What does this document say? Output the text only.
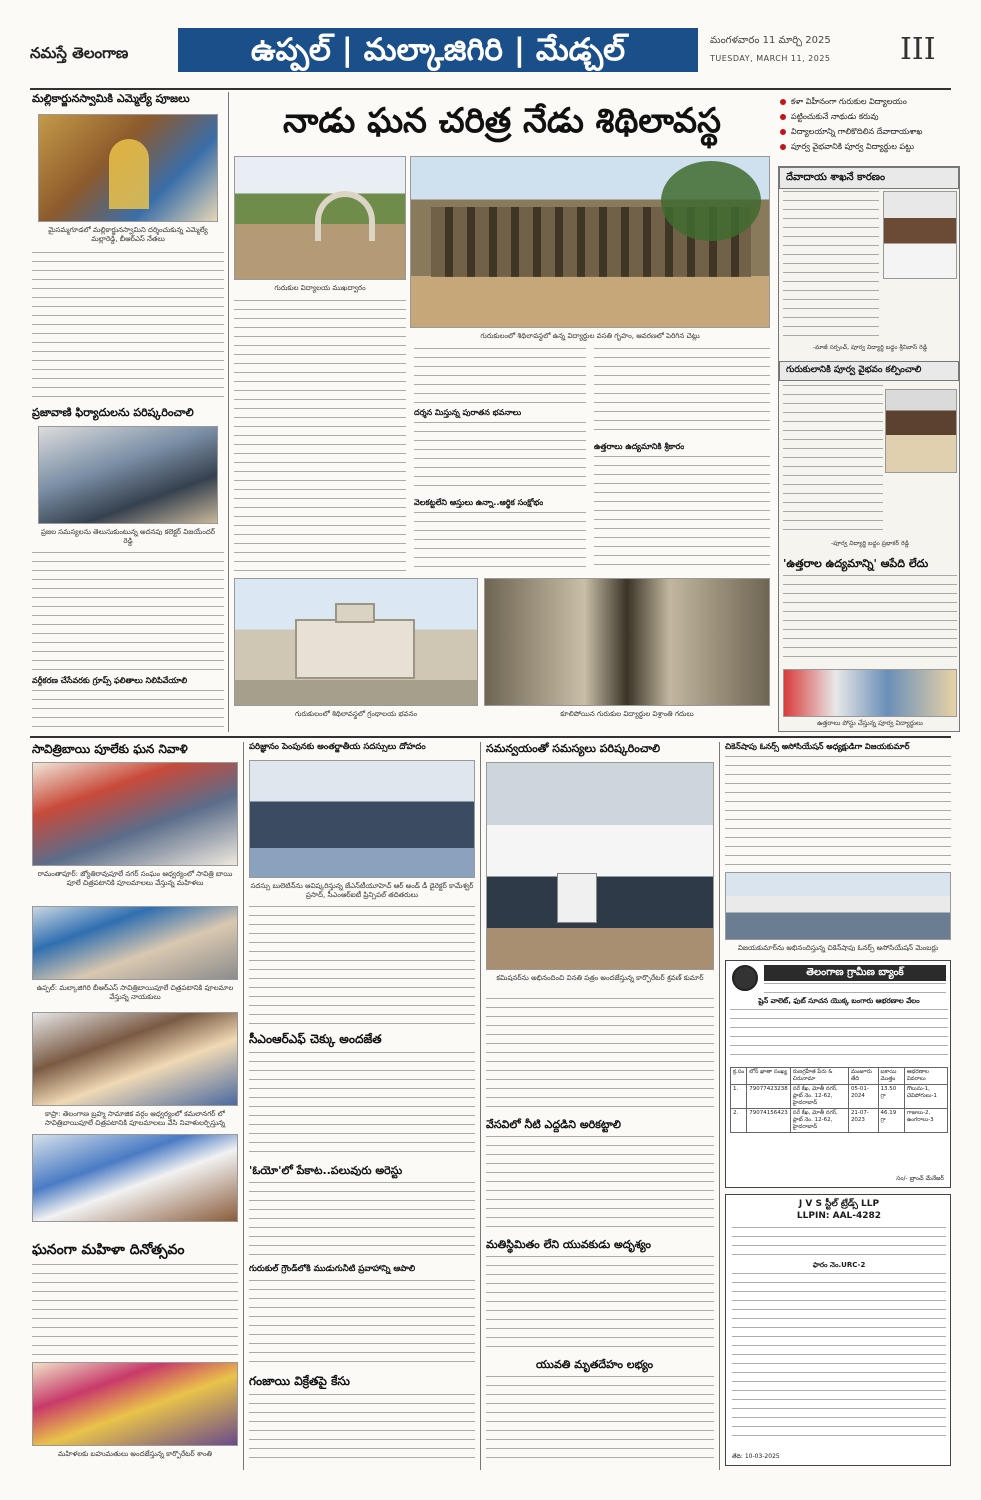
నమస్తే తెలంగాణ	ఉప్పల్ | మల్కాజిగిరి | మేడ్చల్	మంగళవారం 11 మార్చి 2025
TUESDAY, MARCH 11, 2025 III
మల్లికార్జునస్వామికి ఎమ్మెల్యే పూజలు
మైసమ్మగూడలో మల్లికార్జునస్వామిని దర్శించుకున్న ఎమ్మెల్యే మల్లారెడ్డి, బీఆర్ఎస్ నేతలు
ప్రజావాణి ఫిర్యాదులను పరిష్కరించాలి
ప్రజల సమస్యలను తెలుసుకుంటున్న అదనపు కలెక్టర్ విజయేందర్ రెడ్డి
వర్గీకరణ చేసేవరకు గ్రూప్స్ ఫలితాలు నిలిపివేయాలి
నాడు ఘన చరిత్ర నేడు శిథిలావస్థ
గురుకుల విద్యాలయ ముఖద్వారం
గురుకులంలో శిథిలావస్థలో ఉన్న విద్యార్థుల వసతి గృహం, ఆవరణలో పెరిగిన చెట్లు
దర్శన మిస్తున్న పురాతన భవనాలు
వెలకట్టలేని ఆస్తులు ఉన్నా..ఆర్థిక సంక్షోభం
ఉత్తరాలు ఉద్యమానికి శ్రీకారం
గురుకులంలో శిథిలావస్థలో గ్రంథాలయ భవనం	కూలిపోయిన గురుకుల విద్యార్థుల విశ్రాంతి గదులు
కళా విహీనంగా గురుకుల విద్యాలయం
పట్టించుకునే నాథుడు కరువు
విద్యాలయాన్ని గాలికొదిలిన దేవాదాయశాఖ
పూర్వ వైభవానికి పూర్వ విద్యార్థుల పట్టు
దేవాదాయ శాఖనే కారణం
-మాజీ సర్పంచ్, పూర్వ విద్యార్థి బద్ధం శ్రీనివాస్ రెడ్డి
గురుకులానికి పూర్వ వైభవం కల్పించాలి
-పూర్వ విద్యార్థి బద్ధం ప్రభాకర్ రెడ్డి
'ఉత్తరాల ఉద్యమాన్ని' ఆపేది లేదు
ఉత్తరాలు పోస్టు చేస్తున్న పూర్వ విద్యార్థులు
సావిత్రిబాయి పూలేకు ఘన నివాళి
రామంతాపూర్: జ్యోతిరావుపూలే నగర్ సంఘం ఆధ్వర్యంలో సావిత్రి బాయి పూలే చిత్రపటానికి పూలమాలలు వేస్తున్న మహిళలు
ఉప్పల్: మల్కాజిగిరి బీఆర్ఎస్ సావిత్రిబాయిపూలే చిత్రపటానికి పూలమాల వేస్తున్న నాయకులు
కాప్రా: తెలంగాణ బ్రహ్మ సామాజిక వర్గం ఆధ్వర్యంలో కమలానగర్ లో సావిత్రిబాయిపూలే చిత్రపటానికి పూలమాలలు వేసి నివాళులర్పిస్తున్న
ఘనంగా మహిళా దినోత్సవం
మహిళలకు బహుమతులు అందజేస్తున్న కార్పొరేటర్ శాంతి
పరిజ్ఞానం పెంపునకు అంతర్జాతీయ సదస్సులు దోహదం
సదస్సు బులెటిన్‌ను ఆవిష్కరిస్తున్న జేఎన్‌టీయూహెచ్ ఆర్ అండ్ డీ డైరెక్టర్ కామేశ్వర్ ప్రసాద్, సీఎంఆర్ఐటీ ప్రిన్సిపల్ తదితరులు
సీఎంఆర్ఎఫ్ చెక్కు అందజేత
'ఓయో'లో పేకాట..పలువురు అరెస్టు
గురుకుల్ గ్రౌండ్‌లోకి ముడుగునీటి ప్రవాహాన్ని ఆపాలి
గంజాయి విక్రేతపై కేసు
సమన్వయంతో సమస్యలు పరిష్కరించాలి
కమిషనర్‌ను అభినందించి వినతి పత్రం అందజేస్తున్న కార్పొరేటర్ శ్రవణ్ కుమార్
వేసవిలో నీటి ఎద్దడిని అరికట్టాలి
మతిస్థిమితం లేని యువకుడు అదృశ్యం
యువతి మృతదేహం లభ్యం
చికెన్‌షాపు ఓనర్స్ అసోసియేషన్ అధ్యక్షుడిగా విజయకుమార్
విజయకుమార్‌ను అభినందిస్తున్న చికెన్‌షాపు ఓనర్స్ అసోసియేషన్ మెంబర్లు
తెలంగాణ గ్రామీణ బ్యాంక్
షైన్ వాలెట్, ఫుట్ సూచన యొక్క బంగారు ఆభరణాల వేలం
క్ర.సం	లోన్ ఖాతా సంఖ్య	రుణగ్రహీత పేరు & చిరునామా	మంజూరు తేది	బకాయి మొత్తం	ఆభరణాల వివరాలు
1.	79077423238	సరే కేఖ, మోతీ నగర్, ప్లాట్ నెం. 12-62, హైదరాబాద్	05-01-2024	13.50 గ్రా	గొలుసు-1, చెవిపోగులు-1
2.	79074156423	సరే కేఖ, మోతీ నగర్, ప్లాట్ నెం. 12-62, హైదరాబాద్	21-07-2023	46.19 గ్రా	గాజులు-2, ఉంగరాలు-3
సం/- బ్రాంచ్ మేనేజర్
J V S స్టీల్ ట్రేడ్స్ LLP
LLPIN: AAL-4282
ఫారం నెం.URC-2
తేది: 10-03-2025
